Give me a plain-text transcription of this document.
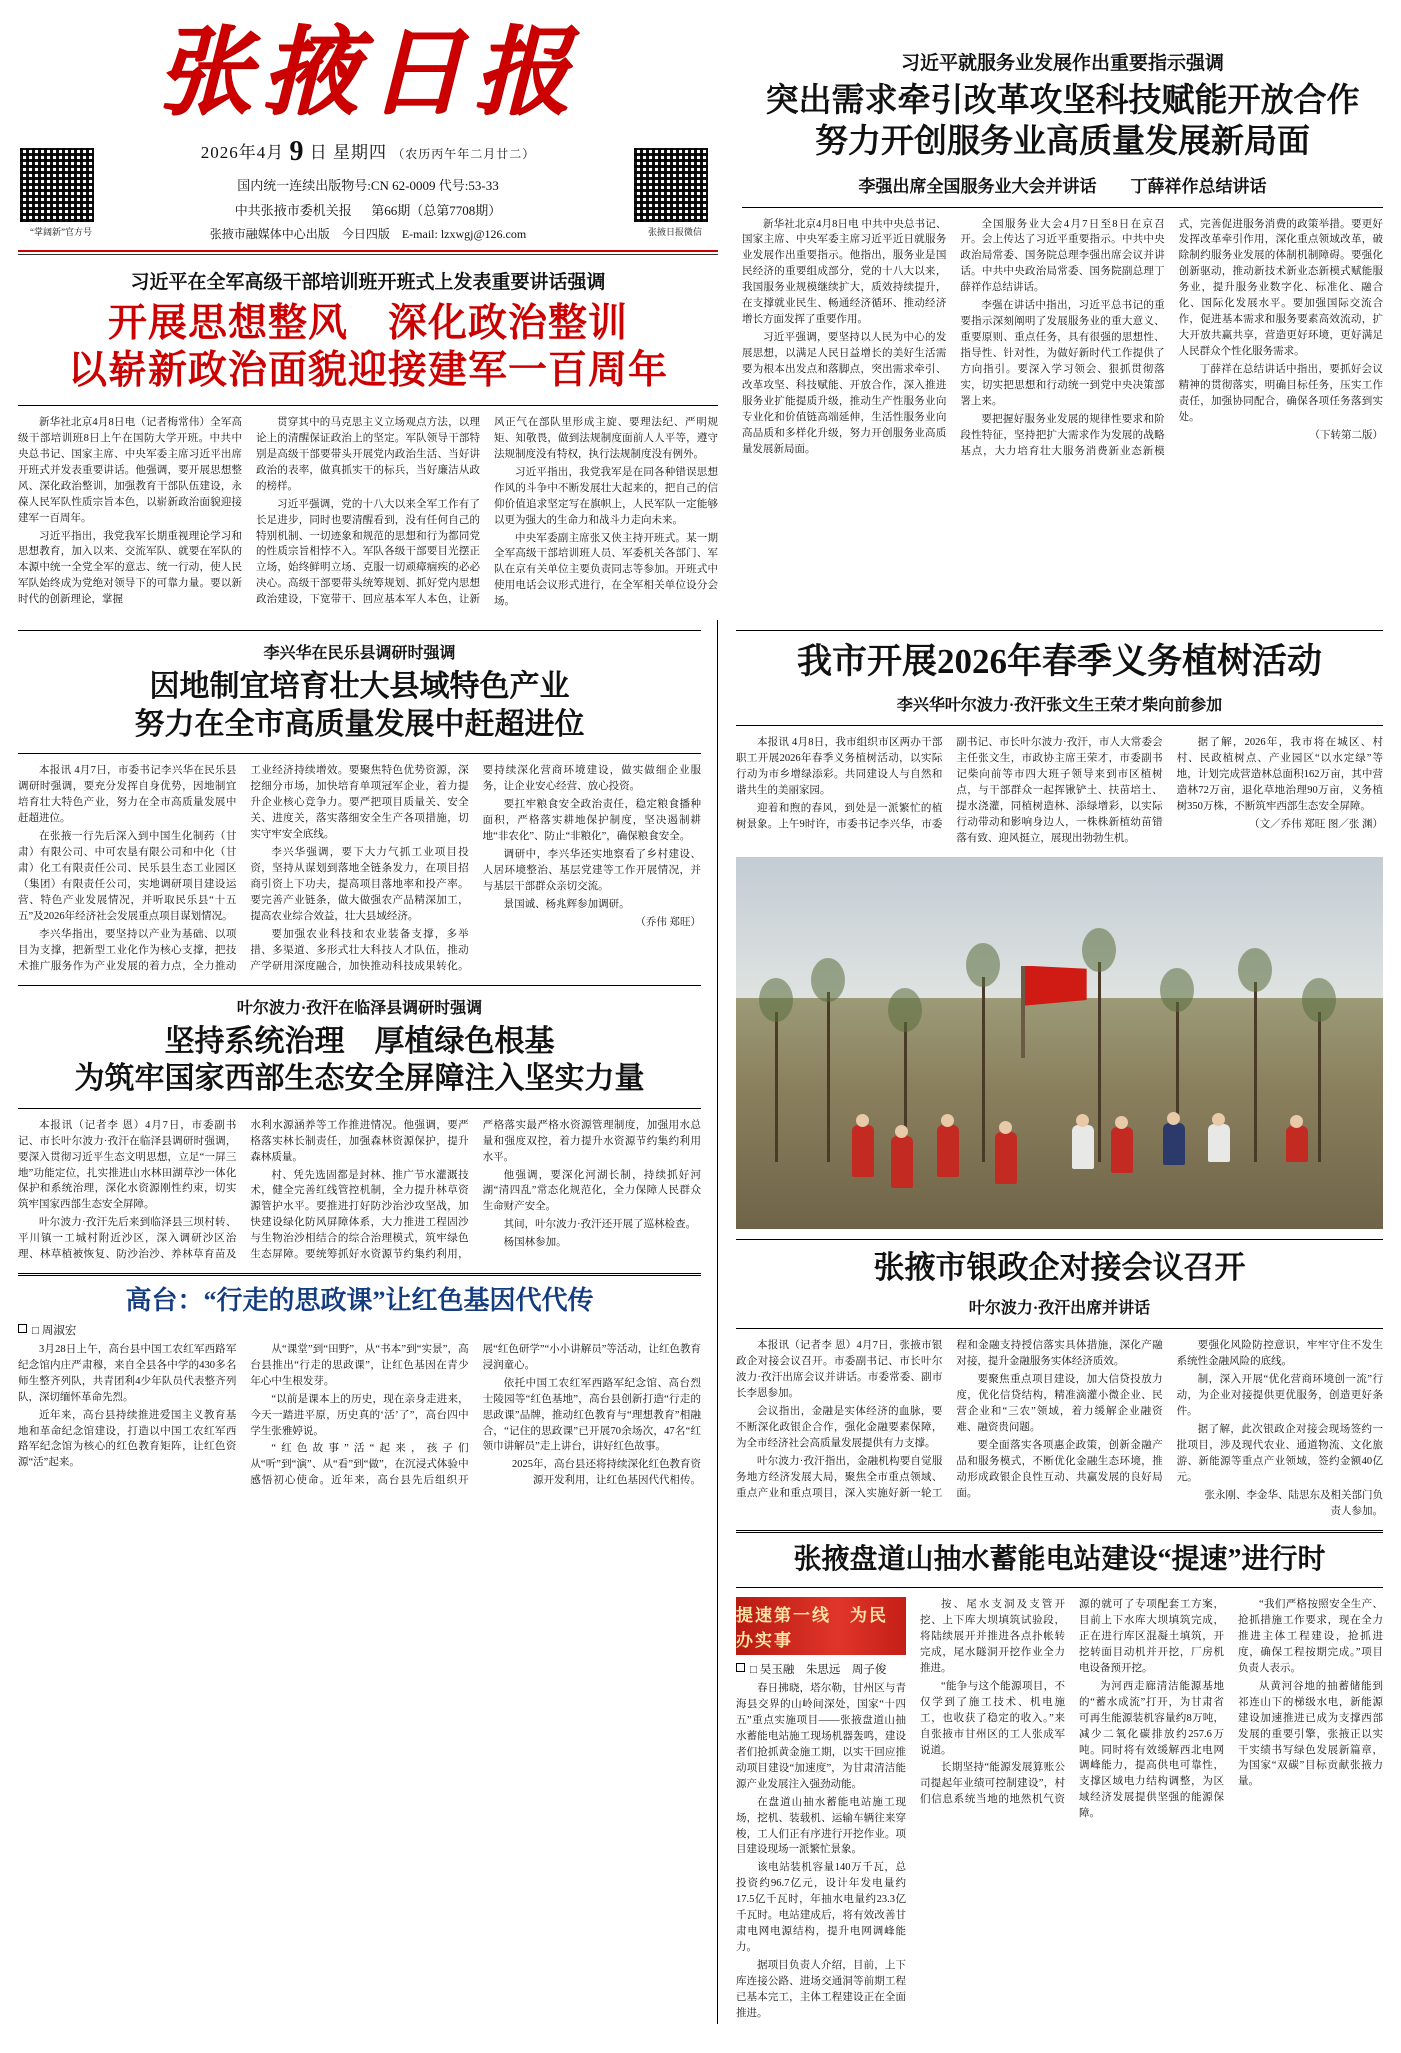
张掖日报
“掌阔新”官方号
2026年4月 9 日 星期四 （农历丙午年二月廿二）
国内统一连续出版物号:CN 62-0009 代号:53-33
中共张掖市委机关报 第66期（总第7708期）
张掖市融媒体中心出版 今日四版 E-mail: lzxwgj@126.com	张掖日报微信
习近平在全军高级干部培训班开班式上发表重要讲话强调
开展思想整风　深化政治整训
以崭新政治面貌迎接建军一百周年

新华社北京4月8日电（记者梅常伟）全军高级干部培训班8日上午在国防大学开班。中共中央总书记、国家主席、中央军委主席习近平出席开班式并发表重要讲话。他强调，要开展思想整风、深化政治整训，加强教育干部队伍建设，永葆人民军队性质宗旨本色，以崭新政治面貌迎接建军一百周年。

习近平指出，我党我军长期重视理论学习和思想教育，加入以来、交流军队、就要在军队的本源中统一全党全军的意志、统一行动，使人民军队始终成为党绝对领导下的可靠力量。要以新时代的创新理论，掌握

贯穿其中的马克思主义立场观点方法，以理论上的清醒保证政治上的坚定。军队领导干部特别是高级干部要带头开展党内政治生活、当好讲政治的表率，做真抓实干的标兵，当好廉洁从政的榜样。

习近平强调，党的十八大以来全军工作有了长足进步，同时也要清醒看到，没有任何自己的特别机制、一切迹象和规范的思想和行为都同党的性质宗旨相悖不入。军队各级干部要目光摆正立场，始终鲜明立场、克服一切顽瘴痼疾的必必决心。高级干部要带头统筹规划、抓好党内思想政治建设，下宽带干、回应基本军人本色，让新风正气在部队里形成主旋、要理法纪、严明规矩、知敬畏，做到法规制度面前人人平等，遵守法规制度没有特权，执行法规制度没有例外。

习近平指出，我党我军是在同各种错误思想作风的斗争中不断发展壮大起来的，把自己的信仰价值追求坚定写在旗帜上，人民军队一定能够以更为强大的生命力和战斗力走向未来。

中央军委副主席张又侠主持开班式。某一期全军高级干部培训班人员、军委机关各部门、军队在京有关单位主要负责同志等参加。开班式中使用电话会议形式进行，在全军相关单位设分会场。

习近平就服务业发展作出重要指示强调
突出需求牵引改革攻坚科技赋能开放合作
努力开创服务业高质量发展新局面
李强出席全国服务业大会并讲话　　丁薛祥作总结讲话

新华社北京4月8日电 中共中央总书记、国家主席、中央军委主席习近平近日就服务业发展作出重要指示。他指出，服务业是国民经济的重要组成部分，党的十八大以来，我国服务业规模继续扩大，质效持续提升，在支撑就业民生、畅通经济循环、推动经济增长方面发挥了重要作用。

习近平强调，要坚持以人民为中心的发展思想，以满足人民日益增长的美好生活需要为根本出发点和落脚点，突出需求牵引、改革攻坚、科技赋能、开放合作，深入推进服务业扩能提质升级，推动生产性服务业向专业化和价值链高端延伸，生活性服务业向高品质和多样化升级，努力开创服务业高质量发展新局面。

全国服务业大会4月7日至8日在京召开。会上传达了习近平重要指示。中共中央政治局常委、国务院总理李强出席会议并讲话。中共中央政治局常委、国务院副总理丁薛祥作总结讲话。

李强在讲话中指出，习近平总书记的重要指示深刻阐明了发展服务业的重大意义、重要原则、重点任务，具有很强的思想性、指导性、针对性，为做好新时代工作提供了方向指引。要深入学习领会、狠抓贯彻落实，切实把思想和行动统一到党中央决策部署上来。

要把握好服务业发展的规律性要求和阶段性特征，坚持把扩大需求作为发展的战略基点，大力培育壮大服务消费新业态新模式，完善促进服务消费的政策举措。要更好发挥改革牵引作用，深化重点领域改革，破除制约服务业发展的体制机制障碍。要强化创新驱动，推动新技术新业态新模式赋能服务业，提升服务业数字化、标准化、融合化、国际化发展水平。要加强国际交流合作，促进基本需求和服务要素高效流动，扩大开放共赢共享，营造更好环境，更好满足人民群众个性化服务需求。

丁薛祥在总结讲话中指出，要抓好会议精神的贯彻落实，明确目标任务，压实工作责任，加强协同配合，确保各项任务落到实处。

（下转第二版）

李兴华在民乐县调研时强调
因地制宜培育壮大县域特色产业
努力在全市高质量发展中赶超进位

本报讯 4月7日，市委书记李兴华在民乐县调研时强调，要充分发挥自身优势，因地制宜培育壮大特色产业，努力在全市高质量发展中赶超进位。

在张掖一行先后深入到中国生化制药（甘肃）有限公司、中可农垦有限公司和中化（甘肃）化工有限责任公司、民乐县生态工业园区（集团）有限责任公司，实地调研项目建设运营、特色产业发展情况，并听取民乐县“十五五”及2026年经济社会发展重点项目谋划情况。

李兴华指出，要坚持以产业为基础、以项目为支撑，把新型工业化作为核心支撑，把技术推广服务作为产业发展的着力点，全力推动工业经济持续增效。要聚焦特色优势资源，深挖细分市场，加快培育单项冠军企业，着力提升企业核心竞争力。要严把项目质量关、安全关、进度关，落实落细安全生产各项措施，切实守牢安全底线。

李兴华强调，要下大力气抓工业项目投资，坚持从谋划到落地全链条发力，在项目招商引资上下功夫，提高项目落地率和投产率。要完善产业链条，做大做强农产品精深加工，提高农业综合效益，壮大县域经济。

要加强农业科技和农业装备支撑，多举措、多渠道、多形式壮大科技人才队伍，推动产学研用深度融合，加快推动科技成果转化。要持续深化营商环境建设，做实做细企业服务，让企业安心经营、放心投资。

要扛牢粮食安全政治责任，稳定粮食播种面积，严格落实耕地保护制度，坚决遏制耕地“非农化”、防止“非粮化”，确保粮食安全。

调研中，李兴华还实地察看了乡村建设、人居环境整治、基层党建等工作开展情况，并与基层干部群众亲切交流。

景国诚、杨兆辉参加调研。

（乔伟 郑旺）

叶尔波力·孜汗在临泽县调研时强调
坚持系统治理　厚植绿色根基
为筑牢国家西部生态安全屏障注入坚实力量

本报讯（记者李 恩）4月7日，市委副书记、市长叶尔波力·孜汗在临泽县调研时强调，要深入贯彻习近平生态文明思想，立足“一屏三地”功能定位，扎实推进山水林田湖草沙一体化保护和系统治理，深化水资源刚性约束，切实筑牢国家西部生态安全屏障。

叶尔波力·孜汗先后来到临泽县三坝村转、平川镇一工城村附近沙区，深入调研沙区治理、林草植被恢复、防沙治沙、养林草育苗及水利水源涵养等工作推进情况。他强调，要严格落实林长制责任，加强森林资源保护，提升森林质量。

村、凭先选固都是封林、推广节水灌溉技术，健全完善红线管控机制，全力提升林草资源管护水平。要推进打好防沙治沙攻坚战，加快建设绿化防风屏障体系，大力推进工程固沙与生物治沙相结合的综合治理模式，筑牢绿色生态屏障。要统筹抓好水资源节约集约利用，严格落实最严格水资源管理制度，加强用水总量和强度双控，着力提升水资源节约集约利用水平。

他强调，要深化河湖长制，持续抓好河湖“清四乱”常态化规范化，全力保障人民群众生命财产安全。

其间，叶尔波力·孜汗还开展了巡林检查。

杨国林参加。

高台：“行走的思政课”让红色基因代代传
□ 周淑宏

3月28日上午，高台县中国工农红军西路军纪念馆内庄严肃穆，来自全县各中学的430多名师生整齐列队，共青团利4少年队员代表整齐列队，深切缅怀革命先烈。

近年来，高台县持续推进爱国主义教育基地和革命纪念馆建设，打造以中国工农红军西路军纪念馆为核心的红色教育矩阵，让红色资源“活”起来。

从“课堂”到“田野”，从“书本”到“实景”，高台县推出“行走的思政课”，让红色基因在青少年心中生根发芽。

“以前是课本上的历史，现在亲身走进来，今天一踏进平原，历史真的‘活’了”，高台四中学生张雅婷说。

“红色故事”活“起来，孩子们从“听”到“演”、从“看”到“做”，在沉浸式体验中感悟初心使命。近年来，高台县先后组织开展“红色研学”“小小讲解员”等活动，让红色教育浸润童心。

依托中国工农红军西路军纪念馆、高台烈士陵园等“红色基地”，高台县创新打造“行走的思政课”品牌，推动红色教育与“理想教育”相融合，“记住的思政课”已开展70余场次，47名“红领巾讲解员”走上讲台，讲好红色故事。

2025年，高台县还将持续深化红色教育资源开发利用，让红色基因代代相传。

我市开展2026年春季义务植树活动
李兴华叶尔波力·孜汗张文生王荣才柴向前参加

本报讯 4月8日，我市组织市区两办干部职工开展2026年春季义务植树活动，以实际行动为市乡增绿添彩。共同建设人与自然和谐共生的美丽家园。

迎着和煦的春风，到处是一派繁忙的植树景象。上午9时许，市委书记李兴华，市委副书记、市长叶尔波力·孜汗，市人大常委会主任张文生，市政协主席王荣才，市委副书记柴向前等市四大班子领导来到市区植树点，与干部群众一起挥锹铲土、扶苗培土、提水浇灌，同植树造林、添绿增彩，以实际行动带动和影响身边人，一株株新植幼苗错落有致、迎风挺立，展现出勃勃生机。

据了解，2026年，我市将在城区、村村、民政植树点、产业园区“以水定绿”等地，计划完成营造林总面积162万亩，其中营造林72万亩，退化草地治理90万亩，义务植树350万株，不断筑牢西部生态安全屏障。

（文／乔伟 郑旺 图／张 渊）

张掖市银政企对接会议召开
叶尔波力·孜汗出席并讲话

本报讯（记者李 恩）4月7日，张掖市银政企对接会议召开。市委副书记、市长叶尔波力·孜汗出席会议并讲话。市委常委、副市长李恩参加。

会议指出，金融是实体经济的血脉，要不断深化政银企合作，强化金融要素保障，为全市经济社会高质量发展提供有力支撑。

叶尔波力·孜汗指出，金融机构要自觉服务地方经济发展大局，聚焦全市重点领域、重点产业和重点项目，深入实施好新一轮工程和金融支持授信落实具体措施，深化产融对接，提升金融服务实体经济质效。

要聚焦重点项目建设，加大信贷投放力度，优化信贷结构，精准滴灌小微企业、民营企业和“三农”领域，着力缓解企业融资难、融资贵问题。

要全面落实各项惠企政策，创新金融产品和服务模式，不断优化金融生态环境，推动形成政银企良性互动、共赢发展的良好局面。

要强化风险防控意识，牢牢守住不发生系统性金融风险的底线。

制，深入开展“优化营商环境创一流”行动，为企业对接提供更优服务，创造更好条件。

据了解，此次银政企对接会现场签约一批项目，涉及现代农业、通道物流、文化旅游、新能源等重点产业领域，签约金额40亿元。

张永刚、李金华、陆思东及相关部门负责人参加。

张掖盘道山抽水蓄能电站建设“提速”进行时
提速第一线　为民办实事
□ 吴玉融　朱思远　周子俊

春日拂晓，塔尔勒，甘州区与青海县交界的山岭间深处，国家“十四五”重点实施项目——张掖盘道山抽水蓄能电站施工现场机器轰鸣，建设者们抢抓黄金施工期，以实干回应推动项目建设“加速度”，为甘肃清洁能源产业发展注入强劲动能。

在盘道山抽水蓄能电站施工现场，挖机、装载机、运输车辆往来穿梭，工人们正有序进行开挖作业。项目建设现场一派繁忙景象。

该电站装机容量140万千瓦，总投资约96.7亿元，设计年发电量约17.5亿千瓦时，年抽水电量约23.3亿千瓦时。电站建成后，将有效改善甘肃电网电源结构，提升电网调峰能力。

据项目负责人介绍，目前，上下库连接公路、进场交通洞等前期工程已基本完工，主体工程建设正在全面推进。

按、尾水支洞及支管开挖、上下库大坝填筑试验段，将陆续展开并推进各点扑帐转完成，尾水隧洞开挖作业全力推进。

“能争与这个能源项目，不仅学到了施工技术、机电施工，也收获了稳定的收入。”来自张掖市甘州区的工人张成军说道。

长期坚持“能源发展算账公司提起年业绩可控制建设”，村们信息系统当地的地然机气资源的就可了专项配套工方案，目前上下水库大坝填筑完成，正在进行库区混凝土填筑，开挖转面目动机并开挖，厂房机电设备预开挖。

为河西走廊清洁能源基地的“蓄水成流”打开，为甘肃省可再生能源装机容量约8万吨，减少二氧化碳排放约257.6万吨。同时将有效缓解西北电网调峰能力，提高供电可靠性，支撑区域电力结构调整，为区域经济发展提供坚强的能源保障。

“我们严格按照安全生产、抢抓措施工作要求，现在全力推进主体工程建设，抢抓进度，确保工程按期完成。”项目负责人表示。

从黄河谷地的抽蓄储能到祁连山下的梯级水电，新能源建设加速推进已成为支撑西部发展的重要引擎，张掖正以实干实绩书写绿色发展新篇章，为国家“双碳”目标贡献张掖力量。
